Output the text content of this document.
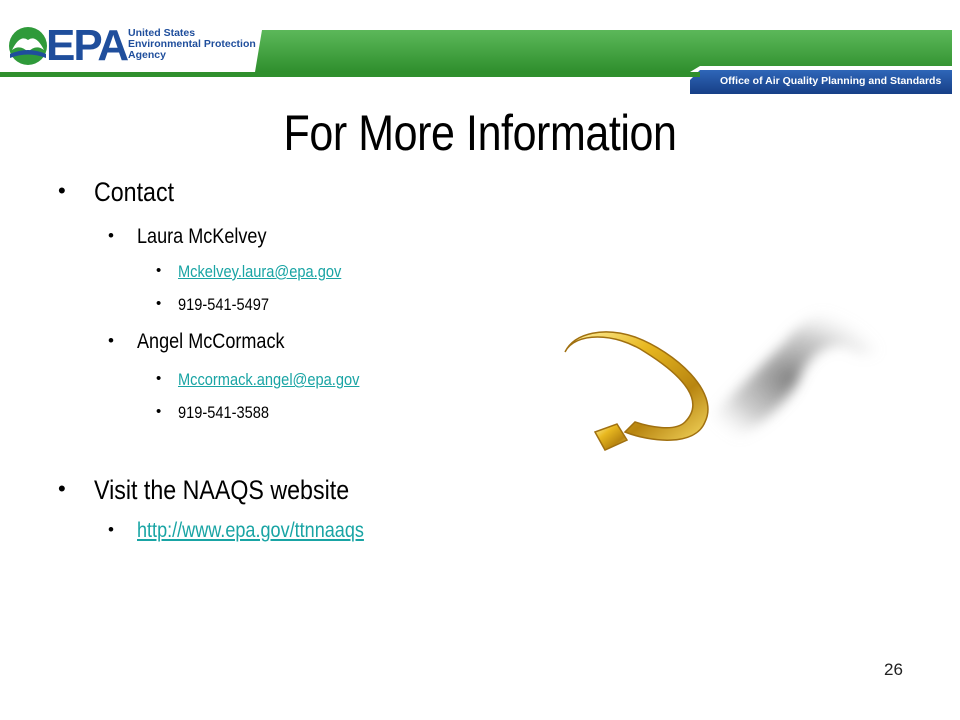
EPA United States
Environmental Protection
Agency
Office of Air Quality Planning and Standards
For More Information
• Contact
• Laura McKelvey
• Mckelvey.laura@epa.gov
• 919-541-5497
• Angel McCormack
• Mccormack.angel@epa.gov
• 919-541-3588
• Visit the NAAQS website
• http://www.epa.gov/ttnnaaqs
26
